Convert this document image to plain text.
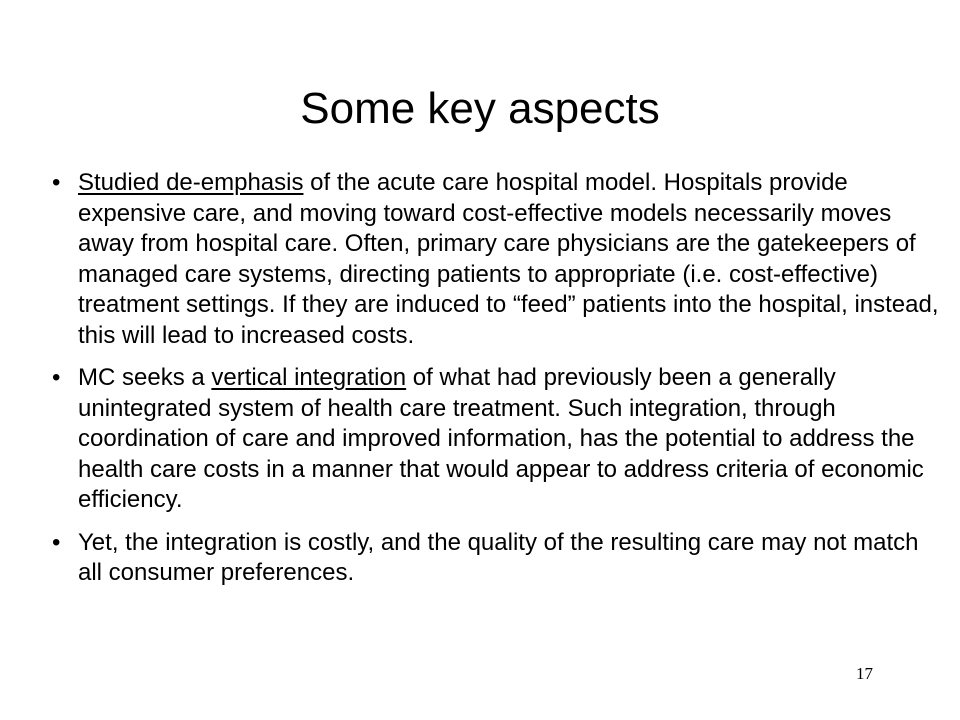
Some key aspects
• Studied de-emphasis of the acute care hospital model. Hospitals provide expensive care, and moving toward cost-effective models necessarily moves away from hospital care. Often, primary care physicians are the gatekeepers of managed care systems, directing patients to appropriate (i.e. cost-effective) treatment settings. If they are induced to “feed” patients into the hospital, instead, this will lead to increased costs.
• MC seeks a vertical integration of what had previously been a generally unintegrated system of health care treatment. Such integration, through coordination of care and improved information, has the potential to address the health care costs in a manner that would appear to address criteria of economic efficiency.
• Yet, the integration is costly, and the quality of the resulting care may not match all consumer preferences.
17
